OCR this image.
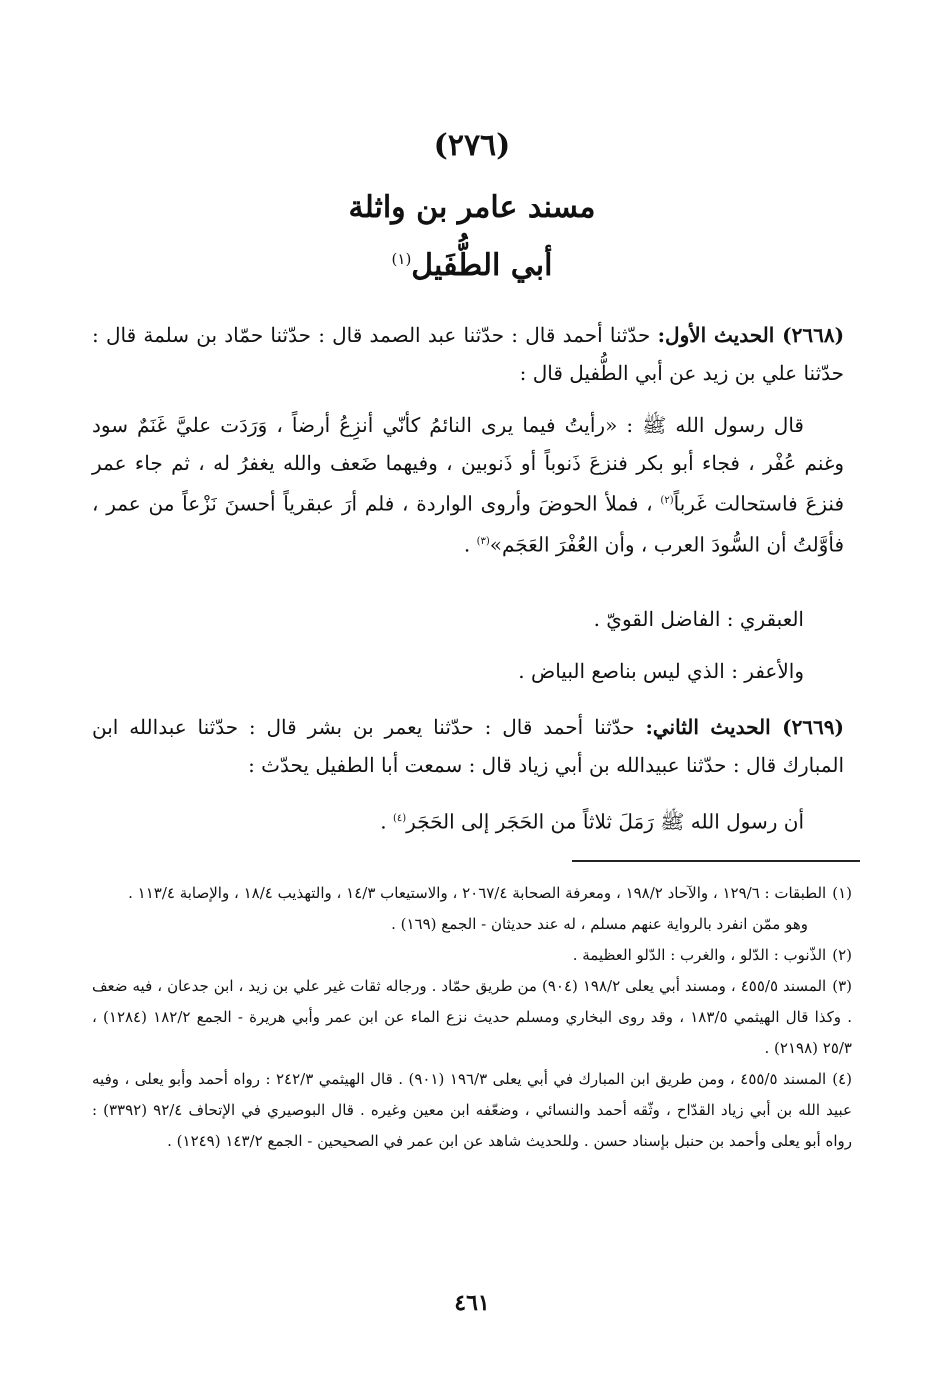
(٢٧٦)
مسند عامر بن واثلة
أبي الطُّفَيل$^{(١)}$
(٢٦٦٨) الحديث الأول: حدّثنا أحمد قال : حدّثنا عبد الصمد قال : حدّثنا حمّاد بن سلمة قال : حدّثنا علي بن زيد عن أبي الطُّفيل قال :
قال رسول الله ﷺ : «رأيتُ فيما يرى النائمُ كأنّي أنزِعُ أرضاً ، وَرَدَت عليَّ غَنَمٌ سود وغنم عُفْر ، فجاء أبو بكر فنزعَ ذَنوباً أو ذَنوبين ، وفيهما ضَعف والله يغفرُ له ، ثم جاء عمر فنزعَ فاستحالت غَرباً$^{(٢)}$ ، فملأ الحوضَ وأروى الواردة ، فلم أرَ عبقرياً أحسنَ نَزْعاً من عمر ، فأوَّلتُ أن السُّودَ العرب ، وأن العُفْرَ العَجَم»$^{(٣)}$ .
العبقري : الفاضل القويّ .
والأعفر : الذي ليس بناصع البياض .
(٢٦٦٩) الحديث الثاني: حدّثنا أحمد قال : حدّثنا يعمر بن بشر قال : حدّثنا عبدالله ابن المبارك قال : حدّثنا عبيدالله بن أبي زياد قال : سمعت أبا الطفيل يحدّث :
أن رسول الله ﷺ رَمَلَ ثلاثاً من الحَجَر إلى الحَجَر$^{(٤)}$ .

(١)الطبقات : ١٢٩/٦ ، والآحاد ١٩٨/٢ ، ومعرفة الصحابة ٢٠٦٧/٤ ، والاستيعاب ١٤/٣ ، والتهذيب ١٨/٤ ، والإصابة ١١٣/٤ .

وهو ممّن انفرد بالرواية عنهم مسلم ، له عند حديثان - الجمع (١٦٩) .

(٢)الذّنوب : الدّلو ، والغرب : الدّلو العظيمة .

(٣)المسند ٤٥٥/٥ ، ومسند أبي يعلى ١٩٨/٢ (٩٠٤) من طريق حمّاد . ورجاله ثقات غير علي بن زيد ، ابن جدعان ، فيه ضعف . وكذا قال الهيثمي ١٨٣/٥ ، وقد روى البخاري ومسلم حديث نزع الماء عن ابن عمر وأبي هريرة - الجمع ١٨٢/٢ (١٢٨٤) ، ٢٥/٣ (٢١٩٨) .

(٤)المسند ٤٥٥/٥ ، ومن طريق ابن المبارك في أبي يعلى ١٩٦/٣ (٩٠١) . قال الهيثمي ٢٤٢/٣ : رواه أحمد وأبو يعلى ، وفيه عبيد الله بن أبي زياد القدّاح ، وثّقه أحمد والنسائي ، وضعّفه ابن معين وغيره . قال البوصيري في الإتحاف ٩٢/٤ (٣٣٩٢) : رواه أبو يعلى وأحمد بن حنبل بإسناد حسن . وللحديث شاهد عن ابن عمر في الصحيحين - الجمع ١٤٣/٢ (١٢٤٩) .

٤٦١
